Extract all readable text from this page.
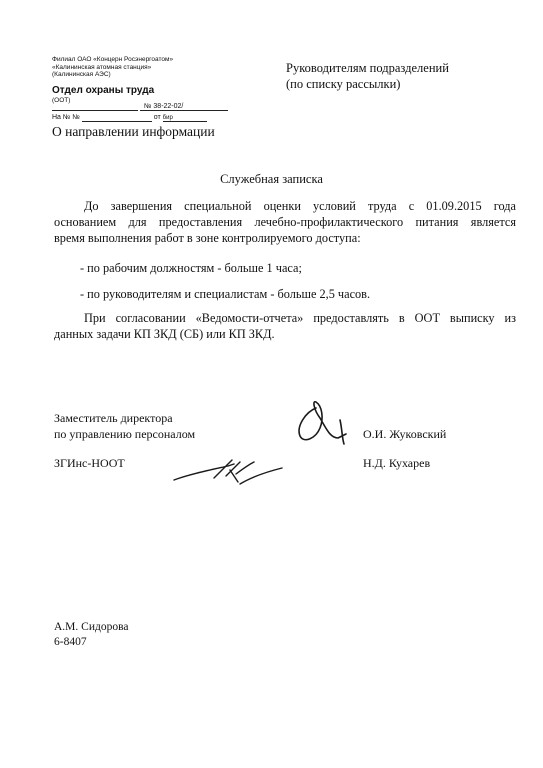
Филиал ОАО «Концерн Росэнергоатом»
«Калининская атомная станция»
(Калининская АЭС)
Отдел охраны труда
(ООТ)
№ 38-22-02/
На № №	от бир
Руководителям подразделений
(по списку рассылки)
О направлении информации
Служебная записка
До завершения специальной оценки условий труда с 01.09.2015 года
основанием для предоставления лечебно-профилактического питания является
время выполнения работ в зоне контролируемого доступа:
- по рабочим должностям - больше 1 часа;
- по руководителям и специалистам - больше 2,5 часов.
При согласовании «Ведомости-отчета» предоставлять в ООТ выписку из
данных задачи КП ЗКД (СБ) или КП ЗКД.
Заместитель директора
по управлению персоналом	О.И. Жуковский
ЗГИнс-НООТ	Н.Д. Кухарев
А.М. Сидорова
6-8407
